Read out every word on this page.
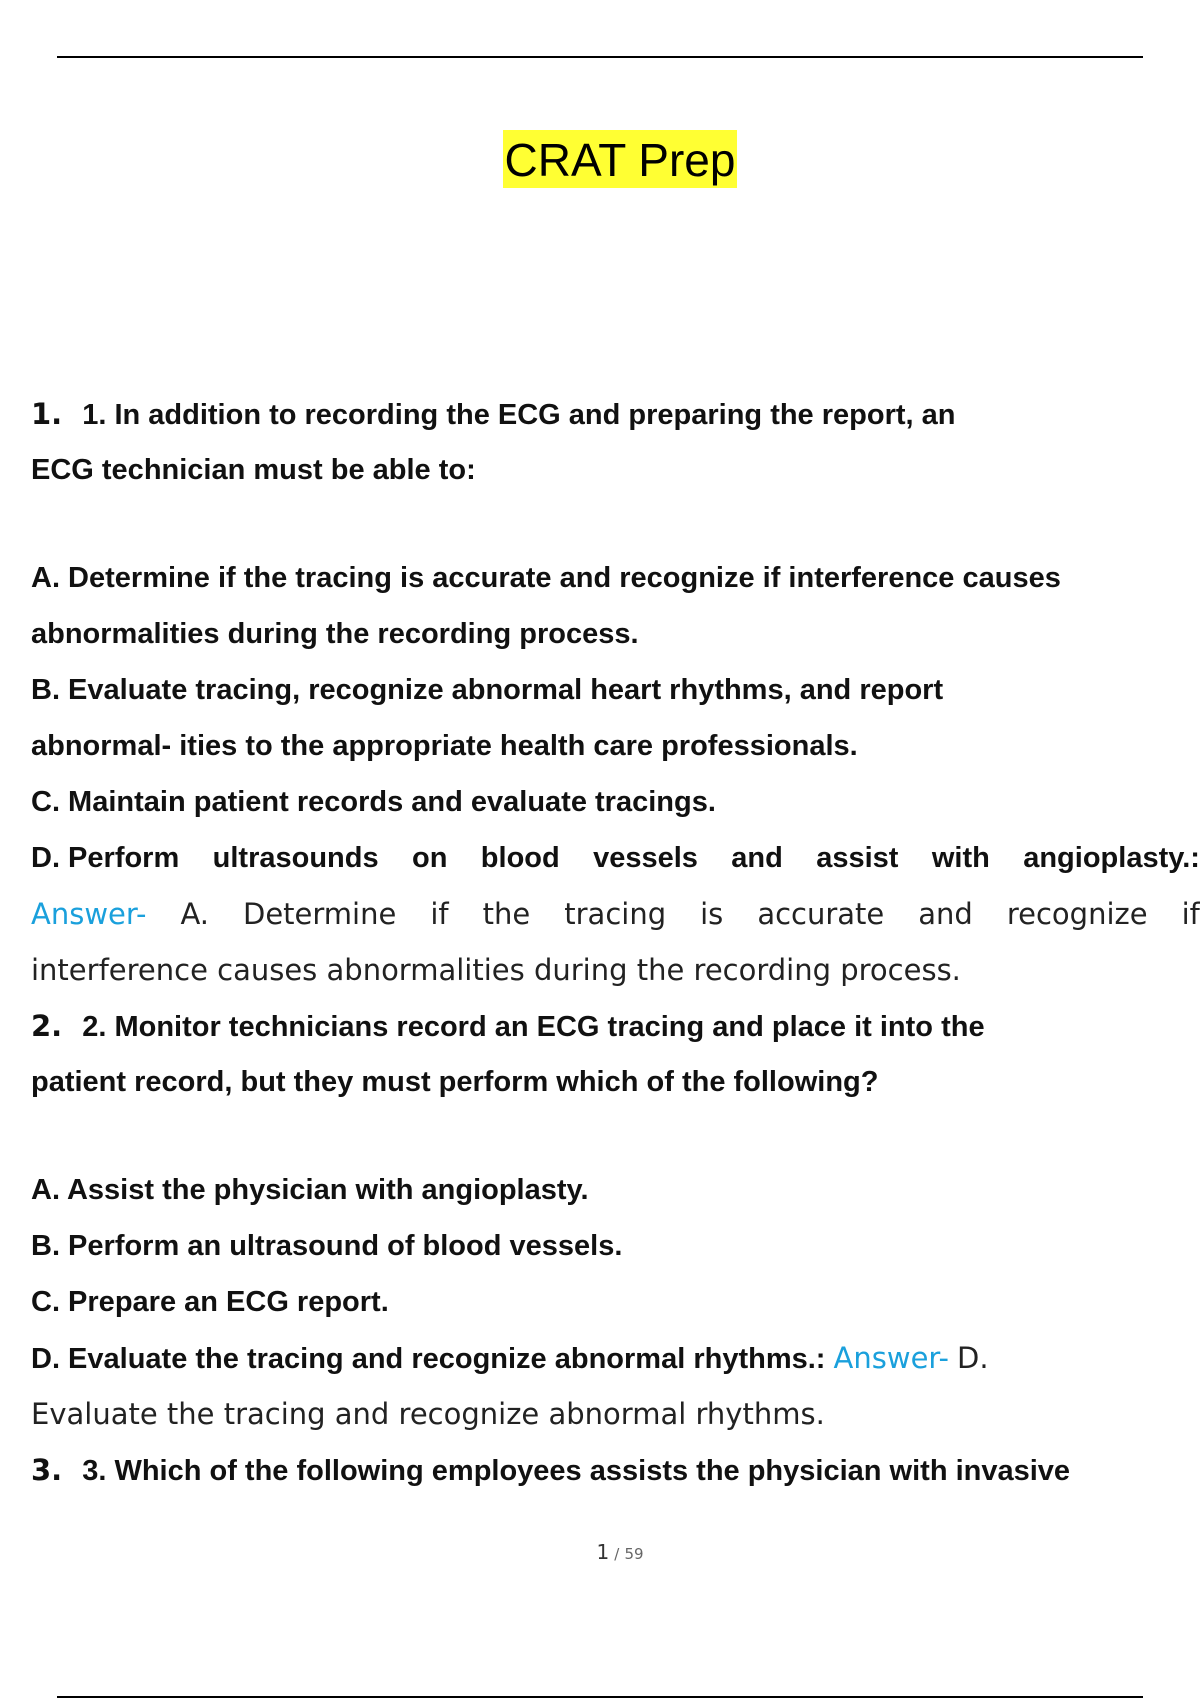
CRAT Prep
1. 1. In addition to recording the ECG and preparing the report, an
ECG technician must be able to:
A. Determine if the tracing is accurate and recognize if interference causes
abnormalities during the recording process.
B. Evaluate tracing, recognize abnormal heart rhythms, and report
abnormal- ities to the appropriate health care professionals.
C. Maintain patient records and evaluate tracings.
D. Perform ultrasounds on blood vessels and assist with angioplasty.:
Answer- A. Determine if the tracing is accurate and recognize if
interference causes abnormalities during the recording process.
2. 2. Monitor technicians record an ECG tracing and place it into the
patient record, but they must perform which of the following?
A. Assist the physician with angioplasty.
B. Perform an ultrasound of blood vessels.
C. Prepare an ECG report.
D. Evaluate the tracing and recognize abnormal rhythms.: Answer- D.
Evaluate the tracing and recognize abnormal rhythms.
3. 3. Which of the following employees assists the physician with invasive
1 / 59
